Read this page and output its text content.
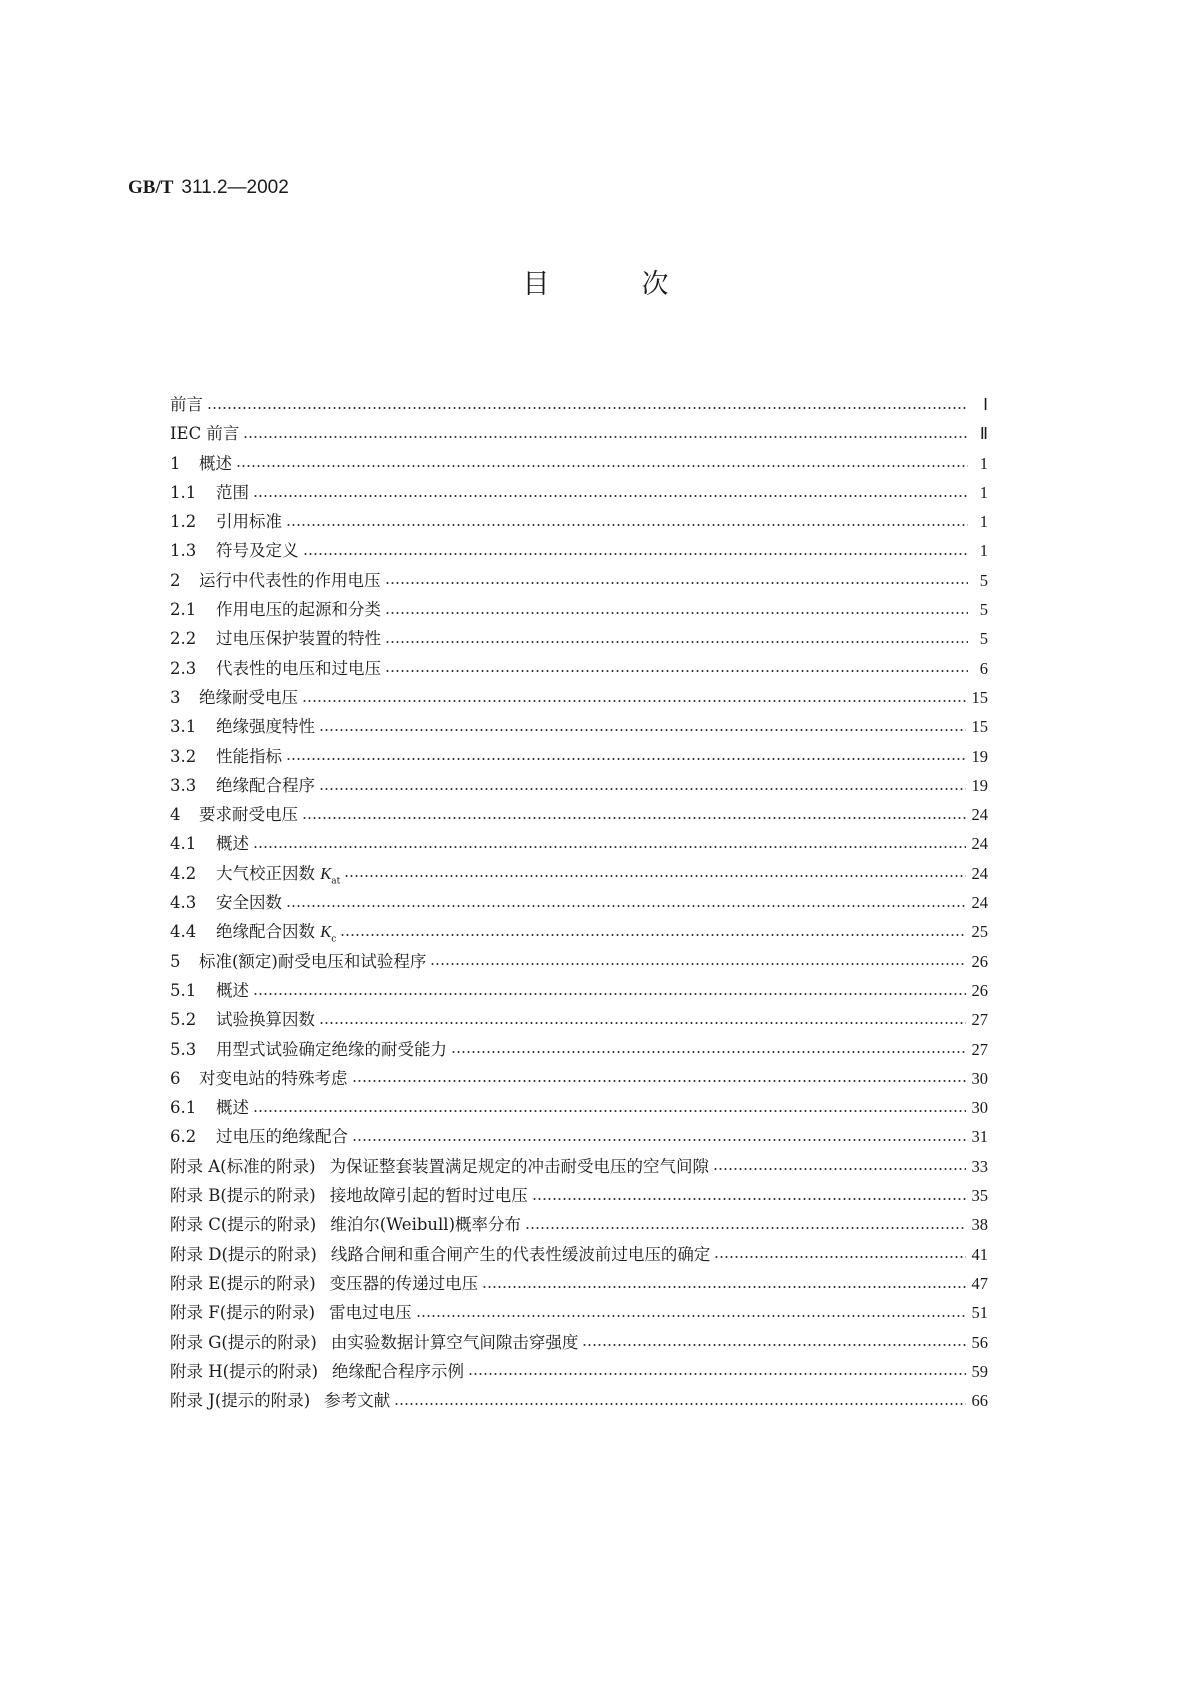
GB/T 311.2—2002
目次
前言	Ⅰ
IEC 前言	Ⅱ
1	概述	1
1.1	范围	1
1.2	引用标准	1
1.3	符号及定义	1
2	运行中代表性的作用电压	5
2.1	作用电压的起源和分类	5
2.2	过电压保护装置的特性	5
2.3	代表性的电压和过电压	6
3	绝缘耐受电压	15
3.1	绝缘强度特性	15
3.2	性能指标	19
3.3	绝缘配合程序	19
4	要求耐受电压	24
4.1	概述	24
4.2	大气校正因数 $K_{at}$	24
4.3	安全因数	24
4.4	绝缘配合因数 $K_c$	25
5	标准(额定)耐受电压和试验程序	26
5.1	概述	26
5.2	试验换算因数	27
5.3	用型式试验确定绝缘的耐受能力	27
6	对变电站的特殊考虑	30
6.1	概述	30
6.2	过电压的绝缘配合	31
附录 A(标准的附录) 为保证整套装置满足规定的冲击耐受电压的空气间隙	33
附录 B(提示的附录) 接地故障引起的暂时过电压	35
附录 C(提示的附录) 维泊尔(Weibull)概率分布	38
附录 D(提示的附录) 线路合闸和重合闸产生的代表性缓波前过电压的确定	41
附录 E(提示的附录) 变压器的传递过电压	47
附录 F(提示的附录) 雷电过电压	51
附录 G(提示的附录) 由实验数据计算空气间隙击穿强度	56
附录 H(提示的附录) 绝缘配合程序示例	59
附录 J(提示的附录) 参考文献	66
